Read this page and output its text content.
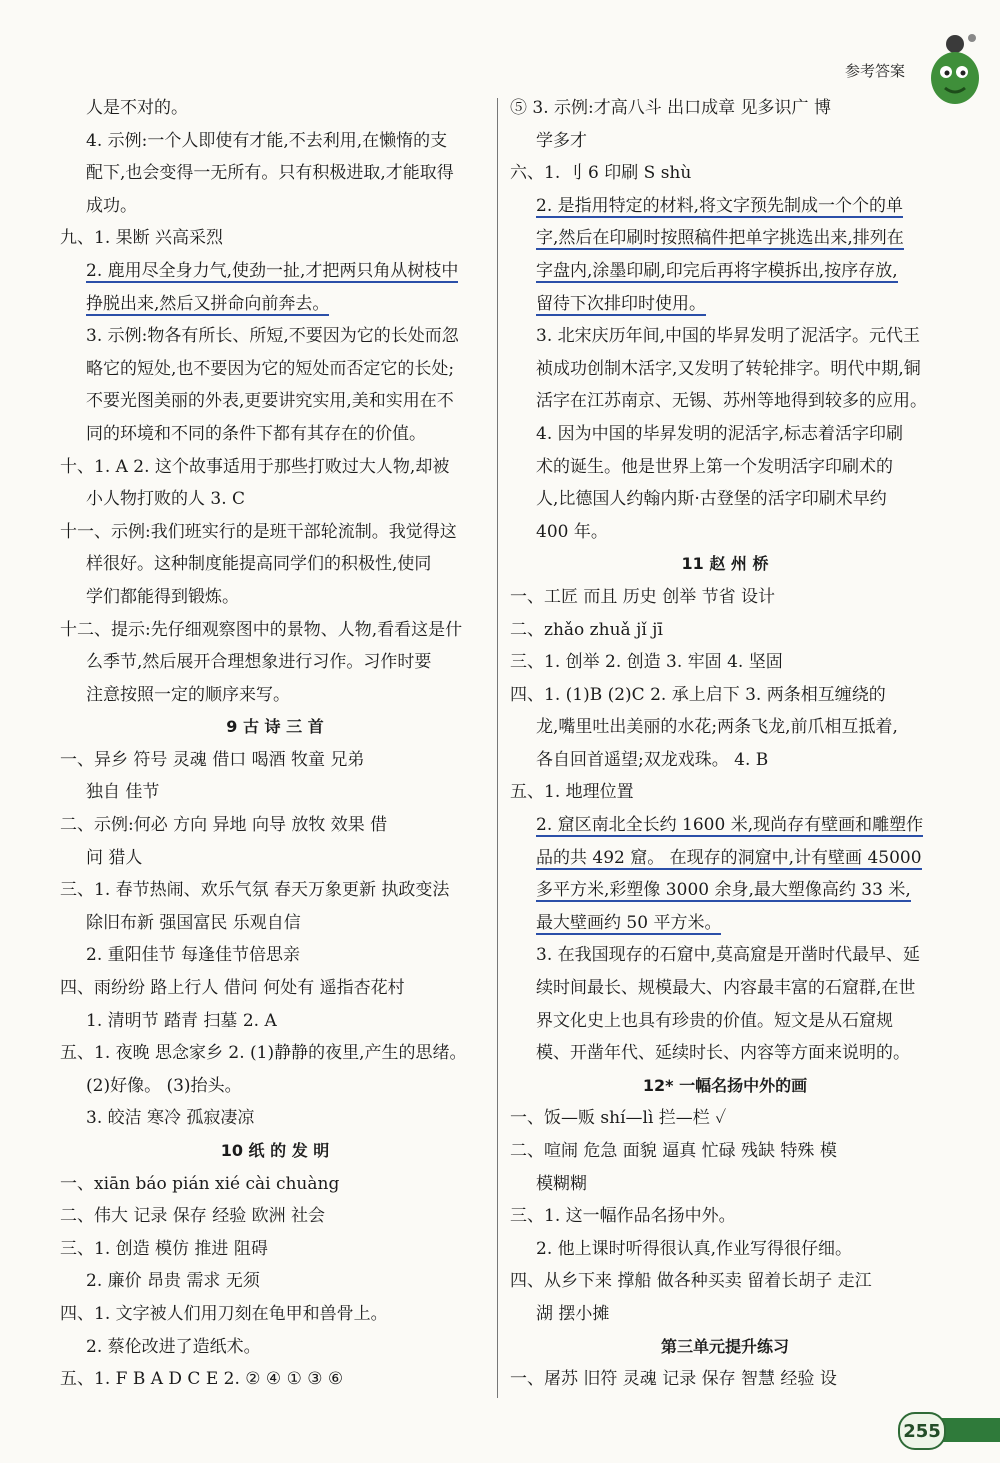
参考答案
人是不对的。
4. 示例:一个人即使有才能,不去利用,在懒惰的支
配下,也会变得一无所有。只有积极进取,才能取得
成功。
九、1. 果断 兴高采烈
2. 鹿用尽全身力气,使劲一扯,才把两只角从树枝中
挣脱出来,然后又拼命向前奔去。
3. 示例:物各有所长、所短,不要因为它的长处而忽
略它的短处,也不要因为它的短处而否定它的长处;
不要光图美丽的外表,更要讲究实用,美和实用在不
同的环境和不同的条件下都有其存在的价值。
十、1. A 2. 这个故事适用于那些打败过大人物,却被
小人物打败的人 3. C
十一、示例:我们班实行的是班干部轮流制。我觉得这
样很好。这种制度能提高同学们的积极性,使同
学们都能得到锻炼。
十二、提示:先仔细观察图中的景物、人物,看看这是什
么季节,然后展开合理想象进行习作。习作时要
注意按照一定的顺序来写。
9 古 诗 三 首
一、异乡 符号 灵魂 借口 喝酒 牧童 兄弟
独自 佳节
二、示例:何必 方向 异地 向导 放牧 效果 借
问 猎人
三、1. 春节热闹、欢乐气氛 春天万象更新 执政变法
除旧布新 强国富民 乐观自信
2. 重阳佳节 每逢佳节倍思亲
四、雨纷纷 路上行人 借问 何处有 遥指杏花村
1. 清明节 踏青 扫墓 2. A
五、1. 夜晚 思念家乡 2. (1)静静的夜里,产生的思绪。
(2)好像。 (3)抬头。
3. 皎洁 寒冷 孤寂凄凉
10 纸 的 发 明
一、xiān báo pián xié cài chuàng
二、伟大 记录 保存 经验 欧洲 社会
三、1. 创造 模仿 推进 阻碍
2. 廉价 昂贵 需求 无须
四、1. 文字被人们用刀刻在龟甲和兽骨上。
2. 蔡伦改进了造纸术。
五、1. F B A D C E 2. ② ④ ① ③ ⑥
⑤ 3. 示例:才高八斗 出口成章 见多识广 博
学多才
六、1. 刂 6 印刷 S shù
2. 是指用特定的材料,将文字预先制成一个个的单
字,然后在印刷时按照稿件把单字挑选出来,排列在
字盘内,涂墨印刷,印完后再将字模拆出,按序存放,
留待下次排印时使用。
3. 北宋庆历年间,中国的毕昇发明了泥活字。元代王
祯成功创制木活字,又发明了转轮排字。明代中期,铜
活字在江苏南京、无锡、苏州等地得到较多的应用。
4. 因为中国的毕昇发明的泥活字,标志着活字印刷
术的诞生。他是世界上第一个发明活字印刷术的
人,比德国人约翰内斯·古登堡的活字印刷术早约
400 年。
11 赵 州 桥
一、工匠 而且 历史 创举 节省 设计
二、zhǎo zhuǎ jǐ jī
三、1. 创举 2. 创造 3. 牢固 4. 坚固
四、1. (1)B (2)C 2. 承上启下 3. 两条相互缠绕的
龙,嘴里吐出美丽的水花;两条飞龙,前爪相互抵着,
各自回首遥望;双龙戏珠。 4. B
五、1. 地理位置
2. 窟区南北全长约 1600 米,现尚存有壁画和雕塑作
品的共 492 窟。 在现存的洞窟中,计有壁画 45000
多平方米,彩塑像 3000 余身,最大塑像高约 33 米,
最大壁画约 50 平方米。
3. 在我国现存的石窟中,莫高窟是开凿时代最早、延
续时间最长、规模最大、内容最丰富的石窟群,在世
界文化史上也具有珍贵的价值。短文是从石窟规
模、开凿年代、延续时长、内容等方面来说明的。
12* 一幅名扬中外的画
一、饭—贩 shí—lì 拦—栏 ✓
二、喧闹 危急 面貌 逼真 忙碌 残缺 特殊 模
模糊糊
三、1. 这一幅作品名扬中外。
2. 他上课时听得很认真,作业写得很仔细。
四、从乡下来 撑船 做各种买卖 留着长胡子 走江
湖 摆小摊
第三单元提升练习
一、屠苏 旧符 灵魂 记录 保存 智慧 经验 设
255
